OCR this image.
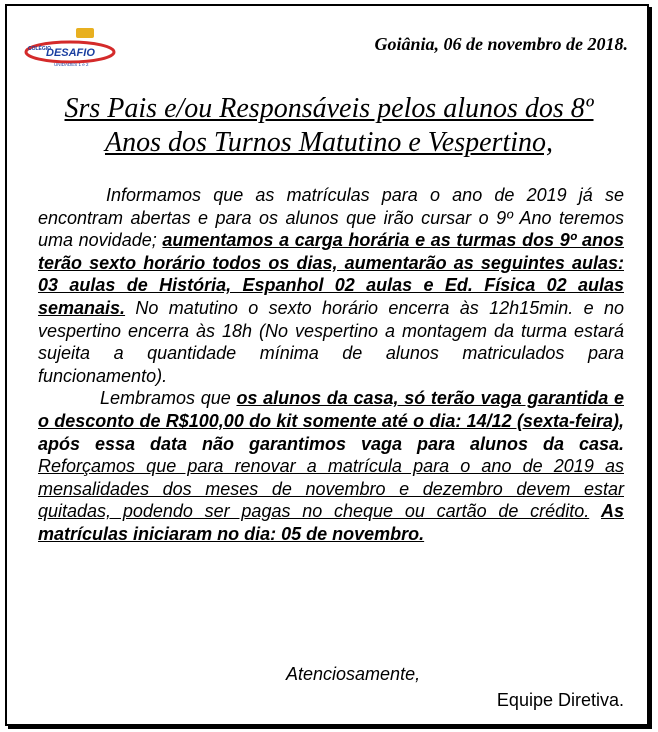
COLÉGIO
DESAFIO
UNIDADES 1 e 2
Goiânia, 06 de novembro de 2018.
Srs Pais e/ou Responsáveis pelos alunos dos 8º
Anos dos Turnos Matutino e Vespertino,

Informamos que as matrículas para o ano de 2019 já se encontram abertas e para os alunos que irão cursar o 9º Ano teremos uma novidade; aumentamos a carga horária e as turmas dos 9º anos terão sexto horário todos os dias, aumentarão as seguintes aulas: 03 aulas de História, Espanhol 02 aulas e Ed. Física 02 aulas semanais. No matutino o sexto horário encerra às 12h15min. e no vespertino encerra às 18h (No vespertino a montagem da turma estará sujeita a quantidade mínima de alunos matriculados para funcionamento).

Lembramos que os alunos da casa, só terão vaga garantida e o desconto de R$100,00 do kit somente até o dia: 14/12 (sexta-feira), após essa data não garantimos vaga para alunos da casa. Reforçamos que para renovar a matrícula para o ano de 2019 as mensalidades dos meses de novembro e dezembro devem estar quitadas, podendo ser pagas no cheque ou cartão de crédito. As matrículas iniciaram no dia: 05 de novembro.

Atenciosamente,
Equipe Diretiva.
